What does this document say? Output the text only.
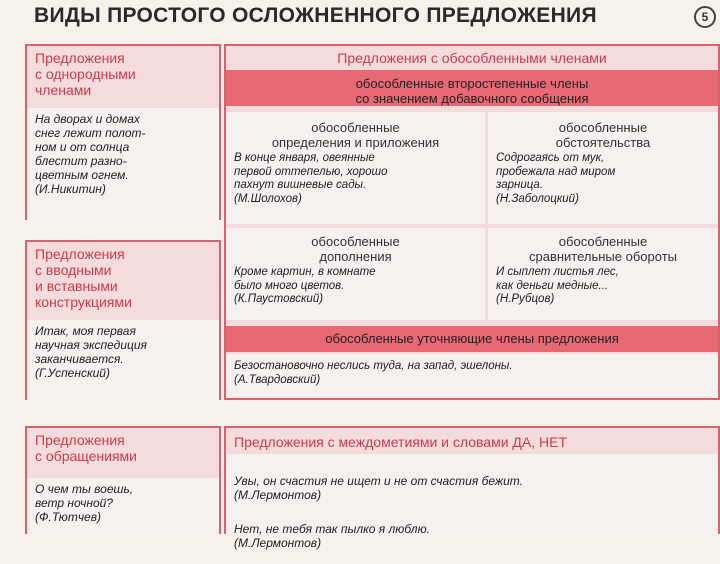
ВИДЫ ПРОСТОГО ОСЛОЖНЕННОГО ПРЕДЛОЖЕНИЯ	5
Предложения
с однородными
членами
На дворах и домах
снег лежит полот-
ном и от солнца
блестит разно-
цветным огнем.
(И.Никитин)
Предложения
с вводными
и вставными
конструкциями
Итак, моя первая
научная экспедиция
заканчивается.
(Г.Успенский)
Предложения
с обращениями
О чем ты воешь,
ветр ночной?
(Ф.Тютчев)
Предложения с обособленными членами
обособленные второстепенные члены
со значением добавочного сообщения
обособленные
определения и приложения
В конце января, овеянные
первой оттепелью, хорошо
пахнут вишневые сады.
(М.Шолохов)
обособленные
обстоятельства
Содрогаясь от мук,
пробежала над миром
зарница.
(Н.Заболоцкий)
обособленные
дополнения
Кроме картин, в комнате
было много цветов.
(К.Паустовский)
обособленные
сравнительные обороты
И сыплет листья лес,
как деньги медные...
(Н.Рубцов)
обособленные уточняющие члены предложения
Безостановочно неслись туда, на запад, эшелоны.
(А.Твардовский)
Предложения с междометиями и словами ДА, НЕТ

Увы, он счастия не ищет и не от счастия бежит.
(М.Лермонтов)

Нет, не тебя так пылко я люблю.
(М.Лермонтов)
